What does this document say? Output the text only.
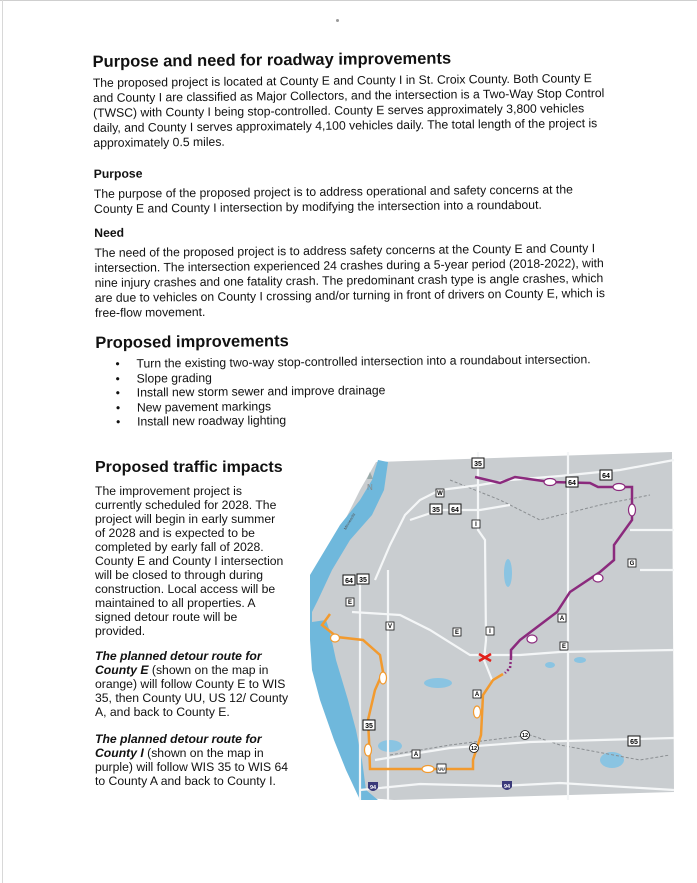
Purpose and need for roadway improvements

The proposed project is located at County E and County I in St. Croix County. Both County E

and County I are classified as Major Collectors, and the intersection is a Two-Way Stop Control

(TWSC) with County I being stop-controlled. County E serves approximately 3,800 vehicles

daily, and County I serves approximately 4,100 vehicles daily. The total length of the project is

approximately 0.5 miles.

Purpose

The purpose of the proposed project is to address operational and safety concerns at the

County E and County I intersection by modifying the intersection into a roundabout.

Need

The need of the proposed project is to address safety concerns at the County E and County I

intersection. The intersection experienced 24 crashes during a 5-year period (2018-2022), with

nine injury crashes and one fatality crash. The predominant crash type is angle crashes, which

are due to vehicles on County I crossing and/or turning in front of drivers on County E, which is

free-flow movement.

Proposed improvements
• Turn the existing two-way stop-controlled intersection into a roundabout intersection.
• Slope grading
• Install new storm sewer and improve drainage
• New pavement markings
• Install new roadway lighting
Proposed traffic impacts

The improvement project is

currently scheduled for 2028. The

project will begin in early summer

of 2028 and is expected to be

completed by early fall of 2028.

County E and County I intersection

will be closed to through during

construction. Local access will be

maintained to all properties. A

signed detour route will be

provided.

The planned detour route for

County E (shown on the map in

orange) will follow County E to WIS

35, then County UU, US 12/ County

A, and back to County E.

The planned detour route for

County I (shown on the map in

purple) will follow WIS 35 to WIS 64

to County A and back to County I.

N
Minnesota
35
64
64
35 64
64 35
35
65
W
I
I
E
E
E
V
G
A
A
A
UU
12
12
94	94
